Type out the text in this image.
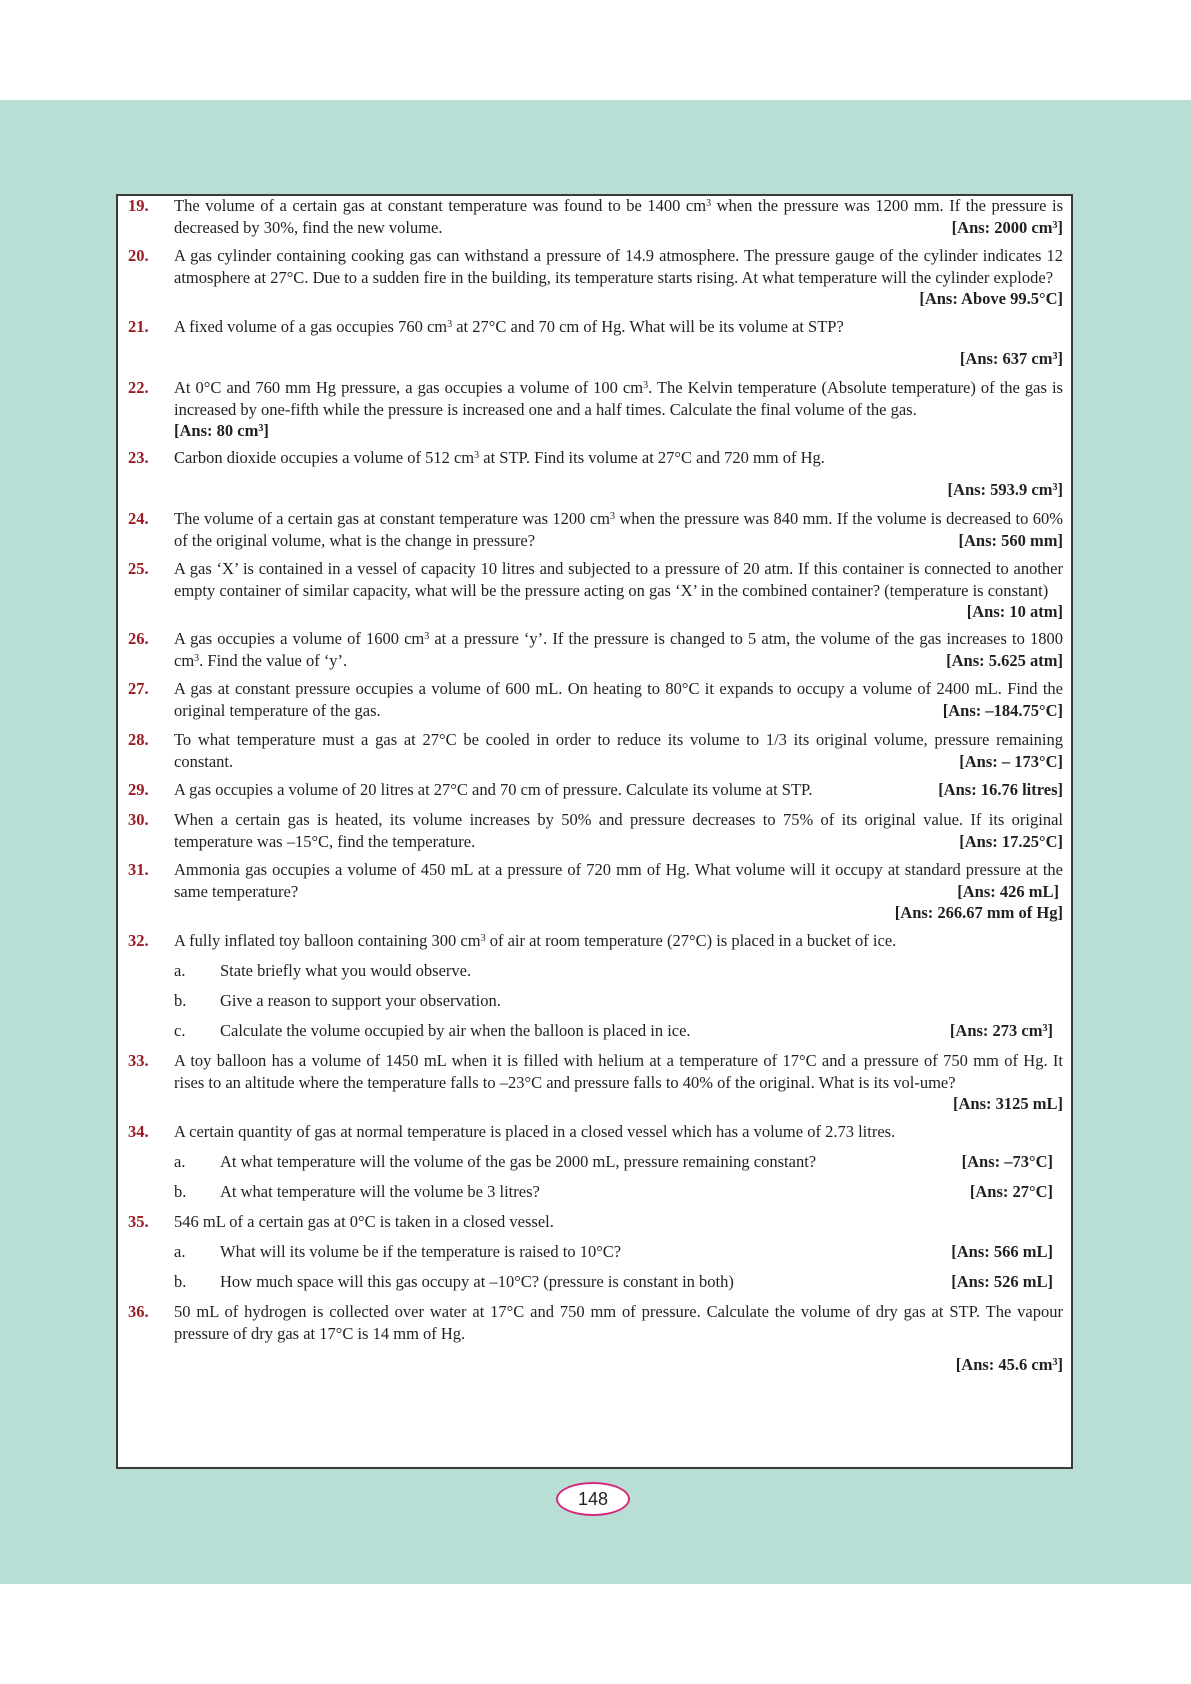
19.	The volume of a certain gas at constant temperature was found to be 1400 $cm^3$ when the pressure was 1200 mm. If the pressure is decreased by 30%, find the new volume.	[Ans: 2000 $cm^3$]
20.	A gas cylinder containing cooking gas can withstand a pressure of 14.9 atmosphere. The pressure gauge of the cylinder indicates 12 atmosphere at 27°C. Due to a sudden fire in the building, its temperature starts rising. At what temperature will the cylinder explode?
[Ans: Above 99.5°C]
21.	A fixed volume of a gas occupies 760 $cm^3$ at 27°C and 70 cm of Hg. What will be its volume at STP?
[Ans: 637 $cm^3$]
22.	At 0°C and 760 mm Hg pressure, a gas occupies a volume of 100 $cm^3$. The Kelvin temperature (Absolute temperature) of the gas is increased by one-fifth while the pressure is increased one and a half times. Calculate the final volume of the gas.
[Ans: 80 $cm^3$]
23.	Carbon dioxide occupies a volume of 512 $cm^3$ at STP. Find its volume at 27°C and 720 mm of Hg.
[Ans: 593.9 $cm^3$]
24.	The volume of a certain gas at constant temperature was 1200 $cm^3$ when the pressure was 840 mm. If the volume is decreased to 60% of the original volume, what is the change in pressure?	[Ans: 560 mm]
25.	A gas ‘X’ is contained in a vessel of capacity 10 litres and subjected to a pressure of 20 atm. If this container is connected to another empty container of similar capacity, what will be the pressure acting on gas ‘X’ in the combined container? (temperature is constant)
[Ans: 10 atm]
26.	A gas occupies a volume of 1600 $cm^3$ at a pressure ‘y’. If the pressure is changed to 5 atm, the volume of the gas increases to 1800 $cm^3$. Find the value of ‘y’.	[Ans: 5.625 atm]
27.	A gas at constant pressure occupies a volume of 600 mL. On heating to 80°C it expands to occupy a volume of 2400 mL. Find the original temperature of the gas.	[Ans: –184.75°C]
28.	To what temperature must a gas at 27°C be cooled in order to reduce its volume to 1/3 its original volume, pressure remaining constant.	[Ans: – 173°C]
29.	A gas occupies a volume of 20 litres at 27°C and 70 cm of pressure. Calculate its volume at STP.	[Ans: 16.76 litres]
30.	When a certain gas is heated, its volume increases by 50% and pressure decreases to 75% of its original value. If its original temperature was –15°C, find the temperature.	[Ans: 17.25°C]
31.	Ammonia gas occupies a volume of 450 mL at a pressure of 720 mm of Hg. What volume will it occupy at standard pressure at the same temperature?	[Ans: 426 mL]
[Ans: 266.67 mm of Hg]
32.	A fully inflated toy balloon containing 300 $cm^3$ of air at room temperature (27°C) is placed in a bucket of ice.
a. State briefly what you would observe.
b. Give a reason to support your observation.
c. Calculate the volume occupied by air when the balloon is placed in ice.	[Ans: 273 $cm^3$]
33.	A toy balloon has a volume of 1450 mL when it is filled with helium at a temperature of 17°C and a pressure of 750 mm of Hg. It rises to an altitude where the temperature falls to –23°C and pressure falls to 40% of the original. What is its vol-ume?
[Ans: 3125 mL]
34.	A certain quantity of gas at normal temperature is placed in a closed vessel which has a volume of 2.73 litres.
a. At what temperature will the volume of the gas be 2000 mL, pressure remaining constant?	[Ans: –73°C]
b. At what temperature will the volume be 3 litres?	[Ans: 27°C]
35.	546 mL of a certain gas at 0°C is taken in a closed vessel.
a. What will its volume be if the temperature is raised to 10°C?	[Ans: 566 mL]
b. How much space will this gas occupy at –10°C? (pressure is constant in both)	[Ans: 526 mL]
36.	50 mL of hydrogen is collected over water at 17°C and 750 mm of pressure. Calculate the volume of dry gas at STP. The vapour pressure of dry gas at 17°C is 14 mm of Hg.
[Ans: 45.6 $cm^3$]
148
